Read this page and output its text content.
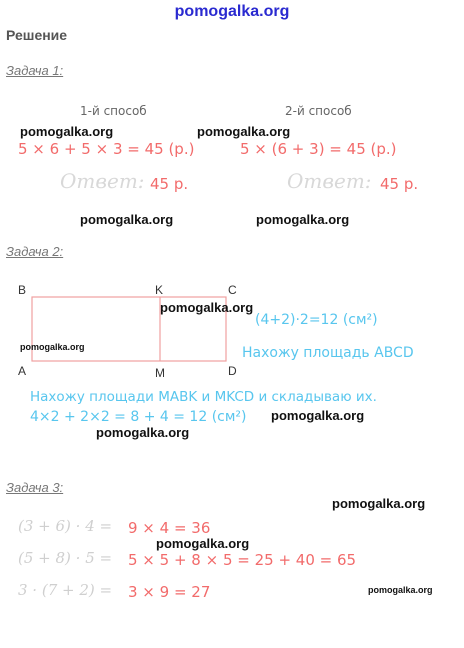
pomogalka.org
Решение
Задача 1:
1-й способ	2-й способ
5 × 6 + 5 × 3 = 45 (р.)	5 × (6 + 3) = 45 (р.)
Ответ: 45 р.	Ответ: 45 р.
Задача 2:
B	K	C
A	M	D
(4+2)·2=12 (см²)
Нахожу площадь ABCD
Нахожу площади MABK и MKCD и складываю их.
4×2 + 2×2 = 8 + 4 = 12 (см²)
Задача 3:
(3 + 6) · 4 = 9 × 4 = 36
(5 + 8) · 5 = 5 × 5 + 8 × 5 = 25 + 40 = 65
3 · (7 + 2) = 3 × 9 = 27
pomogalka.org	pomogalka.org
pomogalka.org	pomogalka.org
pomogalka.org
pomogalka.org
pomogalka.org
pomogalka.org
pomogalka.org
pomogalka.org
pomogalka.org
